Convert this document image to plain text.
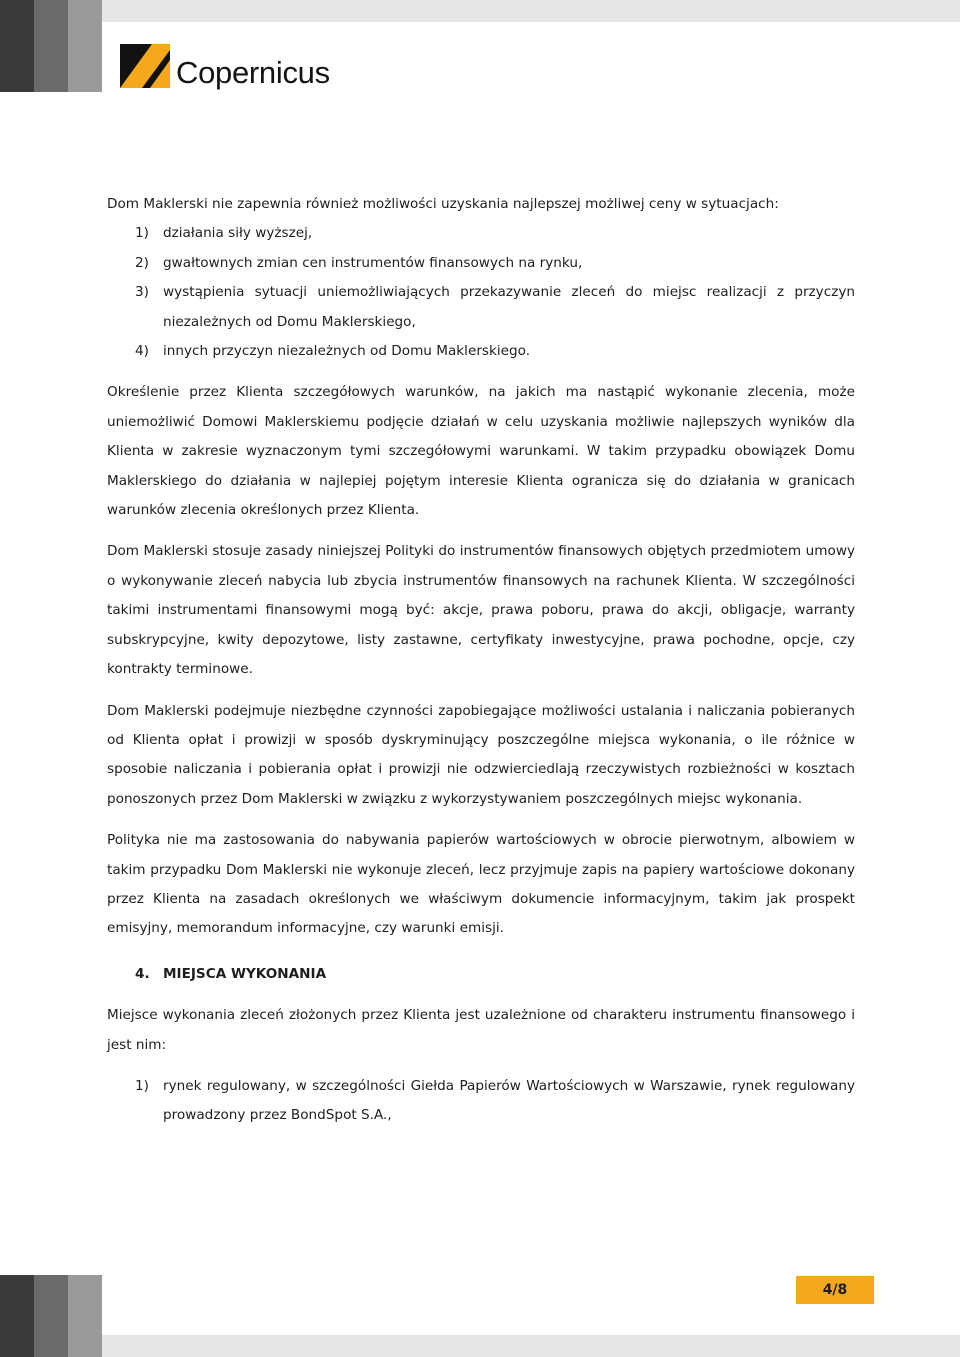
Copernicus

Dom Maklerski nie zapewnia również możliwości uzyskania najlepszej możliwej ceny w sytuacjach:

1) działania siły wyższej,
2) gwałtownych zmian cen instrumentów finansowych na rynku,
3) wystąpienia sytuacji uniemożliwiających przekazywanie zleceń do miejsc realizacji z przyczyn niezależnych od Domu Maklerskiego,
4) innych przyczyn niezależnych od Domu Maklerskiego.

Określenie przez Klienta szczegółowych warunków, na jakich ma nastąpić wykonanie zlecenia, może uniemożliwić Domowi Maklerskiemu podjęcie działań w celu uzyskania możliwie najlepszych wyników dla Klienta w zakresie wyznaczonym tymi szczegółowymi warunkami. W takim przypadku obowiązek Domu Maklerskiego do działania w najlepiej pojętym interesie Klienta ogranicza się do działania w granicach warunków zlecenia określonych przez Klienta.

Dom Maklerski stosuje zasady niniejszej Polityki do instrumentów finansowych objętych przedmiotem umowy o wykonywanie zleceń nabycia lub zbycia instrumentów finansowych na rachunek Klienta. W szczególności takimi instrumentami finansowymi mogą być: akcje, prawa poboru, prawa do akcji, obligacje, warranty subskrypcyjne, kwity depozytowe, listy zastawne, certyfikaty inwestycyjne, prawa pochodne, opcje, czy kontrakty terminowe.

Dom Maklerski podejmuje niezbędne czynności zapobiegające możliwości ustalania i naliczania pobieranych od Klienta opłat i prowizji w sposób dyskryminujący poszczególne miejsca wykonania, o ile różnice w sposobie naliczania i pobierania opłat i prowizji nie odzwierciedlają rzeczywistych rozbieżności w kosztach ponoszonych przez Dom Maklerski w związku z wykorzystywaniem poszczególnych miejsc wykonania.

Polityka nie ma zastosowania do nabywania papierów wartościowych w obrocie pierwotnym, albowiem w takim przypadku Dom Maklerski nie wykonuje zleceń, lecz przyjmuje zapis na papiery wartościowe dokonany przez Klienta na zasadach określonych we właściwym dokumencie informacyjnym, takim jak prospekt emisyjny, memorandum informacyjne, czy warunki emisji.

4. MIEJSCA WYKONANIA

Miejsce wykonania zleceń złożonych przez Klienta jest uzależnione od charakteru instrumentu finansowego i jest nim:

1) rynek regulowany, w szczególności Giełda Papierów Wartościowych w Warszawie, rynek regulowany prowadzony przez BondSpot S.A.,
4/8
